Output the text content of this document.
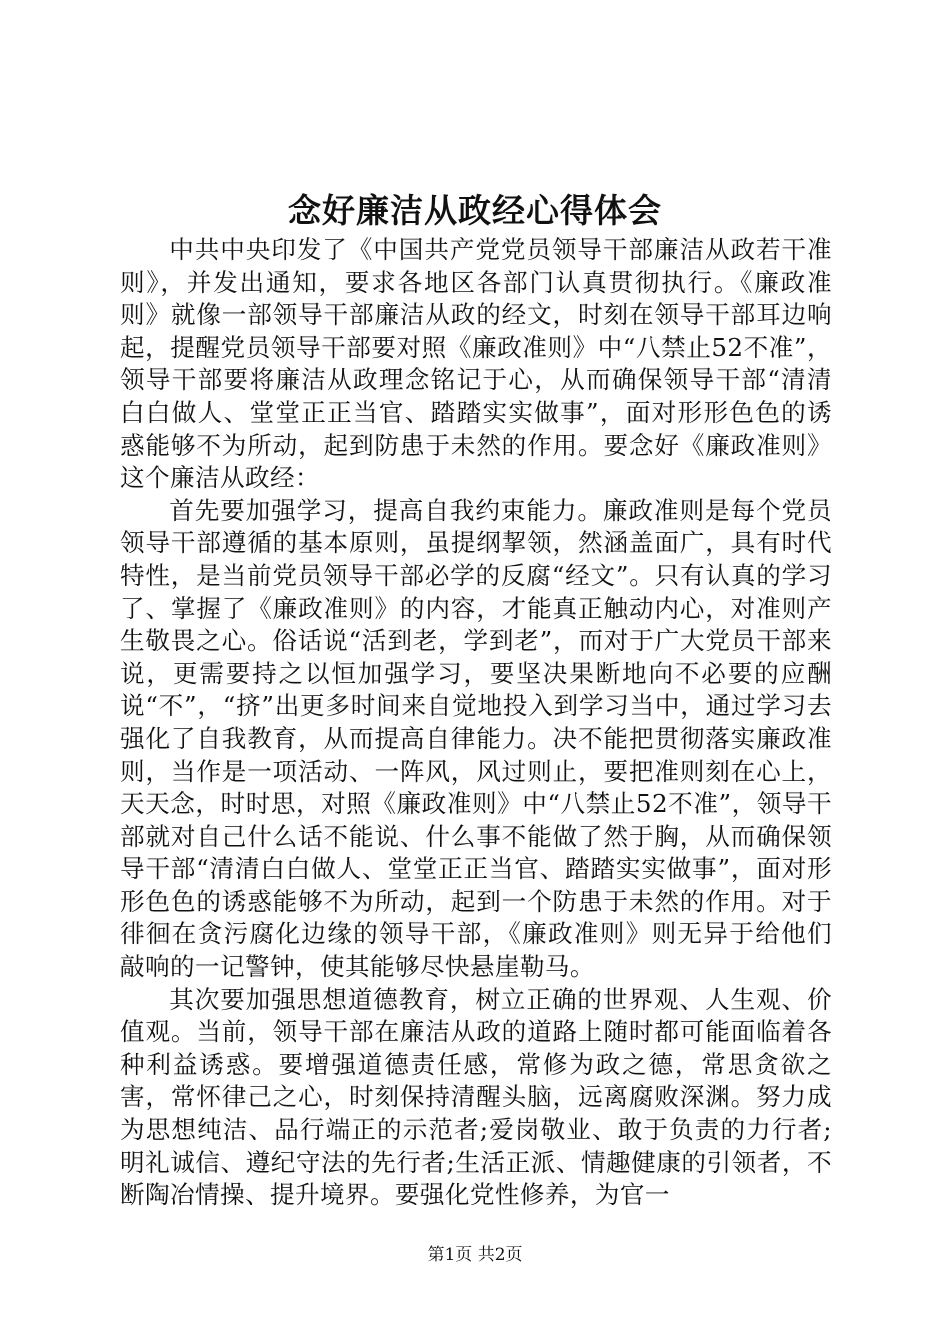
念好廉洁从政经心得体会

中共中央印发了《中国共产党党员领导干部廉洁从政若干准则》，并发出通知，要求各地区各部门认真贯彻执行。《廉政准则》就像一部领导干部廉洁从政的经文，时刻在领导干部耳边响起，提醒党员领导干部要对照《廉政准则》中“八禁止52不准”，领导干部要将廉洁从政理念铭记于心，从而确保领导干部“清清白白做人、堂堂正正当官、踏踏实实做事”，面对形形色色的诱惑能够不为所动，起到防患于未然的作用。要念好《廉政准则》这个廉洁从政经：

首先要加强学习，提高自我约束能力。廉政准则是每个党员领导干部遵循的基本原则，虽提纲挈领，然涵盖面广，具有时代特性，是当前党员领导干部必学的反腐“经文”。只有认真的学习了、掌握了《廉政准则》的内容，才能真正触动内心，对准则产生敬畏之心。俗话说“活到老，学到老”，而对于广大党员干部来说，更需要持之以恒加强学习，要坚决果断地向不必要的应酬说“不”，“挤”出更多时间来自觉地投入到学习当中，通过学习去强化了自我教育，从而提高自律能力。决不能把贯彻落实廉政准则，当作是一项活动、一阵风，风过则止，要把准则刻在心上，天天念，时时思，对照《廉政准则》中“八禁止52不准”，领导干部就对自己什么话不能说、什么事不能做了然于胸，从而确保领导干部“清清白白做人、堂堂正正当官、踏踏实实做事”，面对形形色色的诱惑能够不为所动，起到一个防患于未然的作用。对于徘徊在贪污腐化边缘的领导干部，《廉政准则》则无异于给他们敲响的一记警钟，使其能够尽快悬崖勒马。

其次要加强思想道德教育，树立正确的世界观、人生观、价值观。当前，领导干部在廉洁从政的道路上随时都可能面临着各种利益诱惑。要增强道德责任感，常修为政之德，常思贪欲之害，常怀律己之心，时刻保持清醒头脑，远离腐败深渊。努力成为思想纯洁、品行端正的示范者;爱岗敬业、敢于负责的力行者;明礼诚信、遵纪守法的先行者;生活正派、情趣健康的引领者，不断陶冶情操、提升境界。要强化党性修养，为官一

第1页 共2页
